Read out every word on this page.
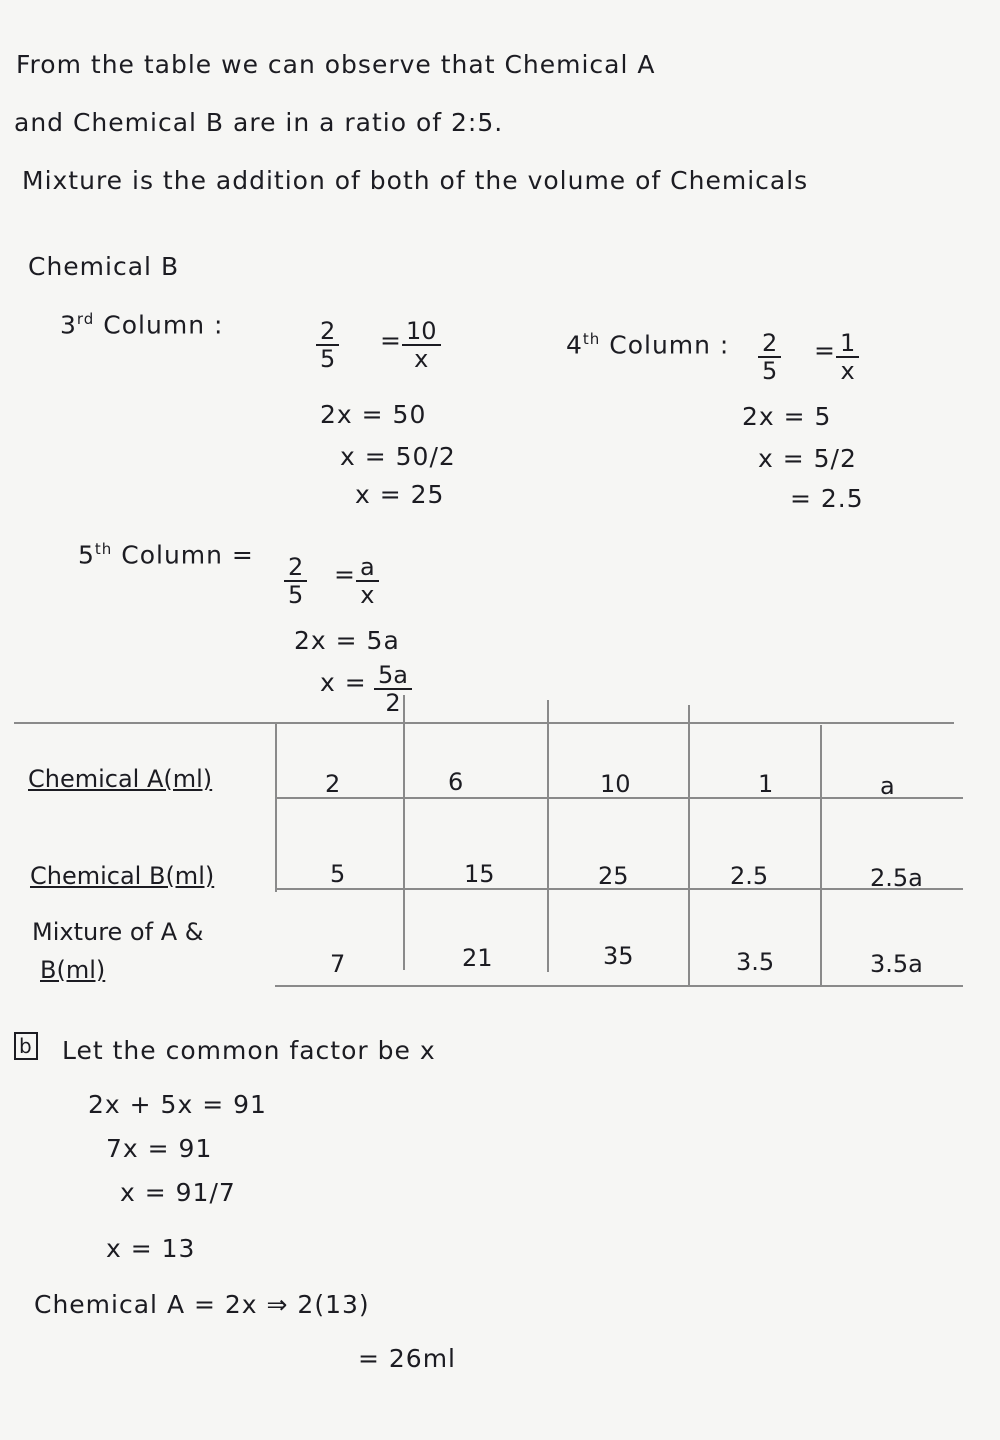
From the table we can observe that Chemical A
and Chemical B are in a ratio of 2:5.
Mixture is the addition of both of the volume of Chemicals
Chemical B
3rd Column :	$\frac{2}{5} = \frac{10}{x}$
2x = 50
x = 50/2
x = 25
4th Column : $\frac{2}{5} = \frac{1}{x}$
2x = 5
x = 5/2
= 2.5
5th Column = $\frac{2}{5} = \frac{a}{x}$
2x = 5a
$x = \frac{5a}{2}$
Chemical A(ml)	2	6	10	1	a
Chemical B(ml)	5	15	25	2.5	2.5a
Mixture of A &
B(ml)	7	21	35	3.5	3.5a
b Let the common factor be x
2x + 5x = 91
7x = 91
x = 91/7
x = 13
Chemical A = 2x ⇒ 2(13)
= 26ml
